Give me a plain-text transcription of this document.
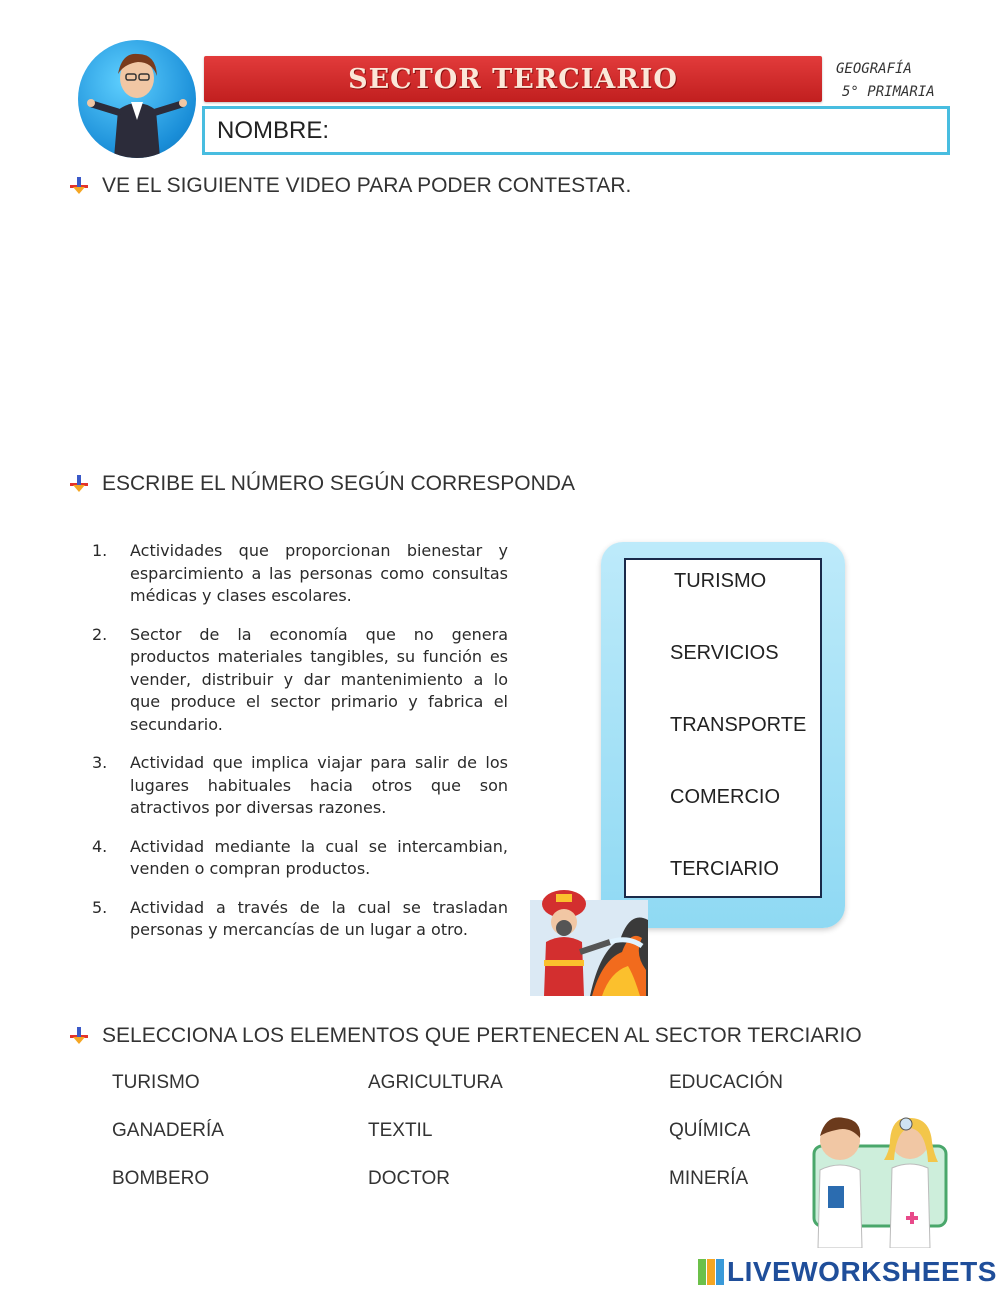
SECTOR TERCIARIO	GEOGRAFÍA
5° PRIMARIA
NOMBRE:
VE EL SIGUIENTE VIDEO PARA PODER CONTESTAR.
ESCRIBE EL NÚMERO SEGÚN CORRESPONDA
1.	Actividades que proporcionan bienestar y esparcimiento a las personas como consultas médicas y clases escolares.
2.	Sector de la economía que no genera productos materiales tangibles, su función es vender, distribuir y dar mantenimiento a lo que produce el sector primario y fabrica el secundario.
3.	Actividad que implica viajar para salir de los lugares habituales hacia otros que son atractivos por diversas razones.
4.	Actividad mediante la cual se intercambian, venden o compran productos.
5.	Actividad a través de la cual se trasladan personas y mercancías de un lugar a otro.
TURISMO
SERVICIOS
TRANSPORTE
COMERCIO
TERCIARIO
SELECCIONA LOS ELEMENTOS QUE PERTENECEN AL SECTOR TERCIARIO
TURISMO	AGRICULTURA	EDUCACIÓN
GANADERÍA	TEXTIL	QUÍMICA
BOMBERO	DOCTOR	MINERÍA
LIVEWORKSHEETS
